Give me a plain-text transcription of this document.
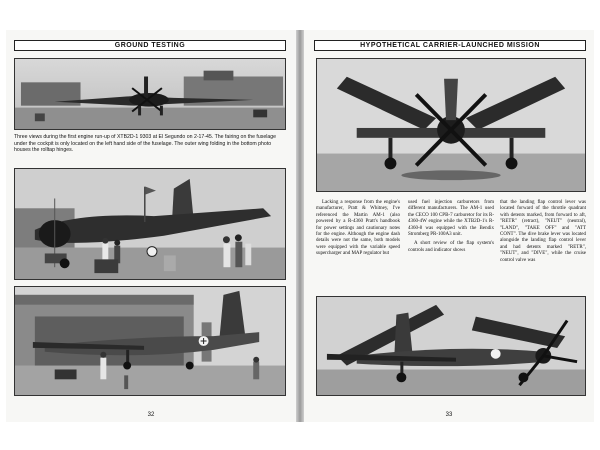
GROUND TESTING
Three views during the first engine run-up of XTB2D-1 9303 at El Segundo on 2-17-45. The fairing on the fuselage under the cockpit is only located on the left hand side of the fuselage. The outer wing folding in the bottom photo houses the rolltap hinges.
32
HYPOTHETICAL CARRIER-LAUNCHED MISSION

Lacking a response from the engine's manufacturer, Pratt & Whitney, I've referenced the Martin AM-1 (also powered by a R-4360 Pratt's handbook for power settings and cautionary notes for the engine. Although the engine dash details were not the same, both models were equipped with the variable speed supercharger and MAP regulator but

used fuel injection carburetors from different manufacturers. The AM-1 used the CECO 100 CPB-7 carburetor for its R-4360-4W engine while the XTB2D-1's R-4360-8 was equipped with the Bendix Stromberg PR-100A3 unit.

A short review of the flap system's controls and indicator shows

that the landing flap control lever was located forward of the throttle quadrant with detents marked, from forward to aft, "RETR" (retract), "NEUT" (neutral), "LAND", "TAKE OFF" and "ATT CONT". The dive brake lever was located alongside the landing flap control lever and had detents marked "RETR", "NEUT", and "DIVE", while the cruise control valve was

33
